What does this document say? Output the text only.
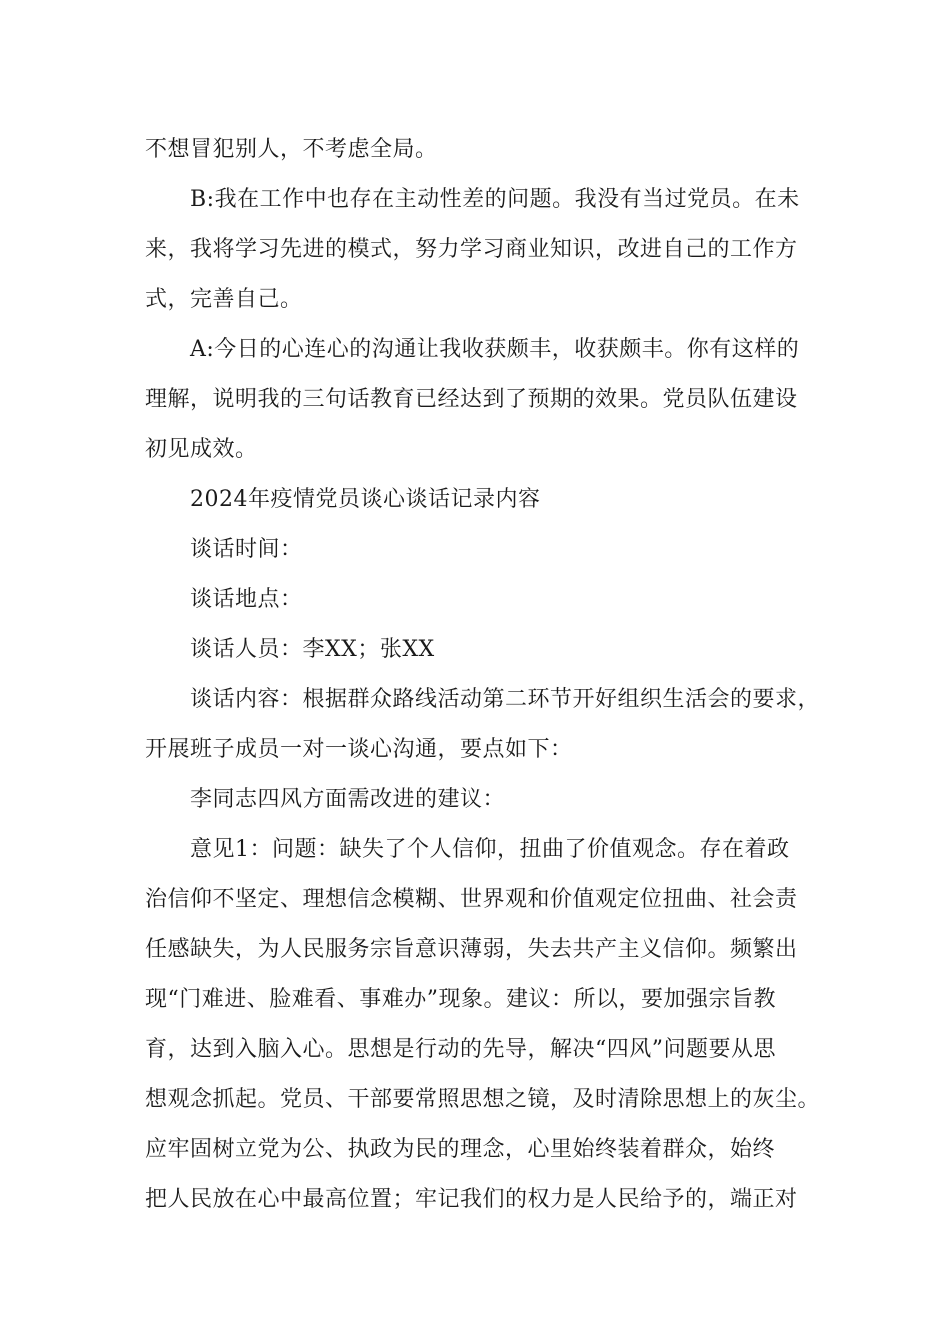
不想冒犯别人，不考虑全局。
B:我在工作中也存在主动性差的问题。我没有当过党员。在未
来，我将学习先进的模式，努力学习商业知识，改进自己的工作方
式，完善自己。
A:今日的心连心的沟通让我收获颇丰，收获颇丰。你有这样的
理解，说明我的三句话教育已经达到了预期的效果。党员队伍建设
初见成效。
2024年疫情党员谈心谈话记录内容
谈话时间：
谈话地点：
谈话人员：李XX；张XX
谈话内容：根据群众路线活动第二环节开好组织生活会的要求，
开展班子成员一对一谈心沟通，要点如下：
李同志四风方面需改进的建议：
意见1：问题：缺失了个人信仰，扭曲了价值观念。存在着政
治信仰不坚定、理想信念模糊、世界观和价值观定位扭曲、社会责
任感缺失，为人民服务宗旨意识薄弱，失去共产主义信仰。频繁出
现“门难进、脸难看、事难办”现象。建议：所以，要加强宗旨教
育，达到入脑入心。思想是行动的先导，解决“四风”问题要从思
想观念抓起。党员、干部要常照思想之镜，及时清除思想上的灰尘。
应牢固树立党为公、执政为民的理念，心里始终装着群众，始终
把人民放在心中最高位置；牢记我们的权力是人民给予的，端正对
